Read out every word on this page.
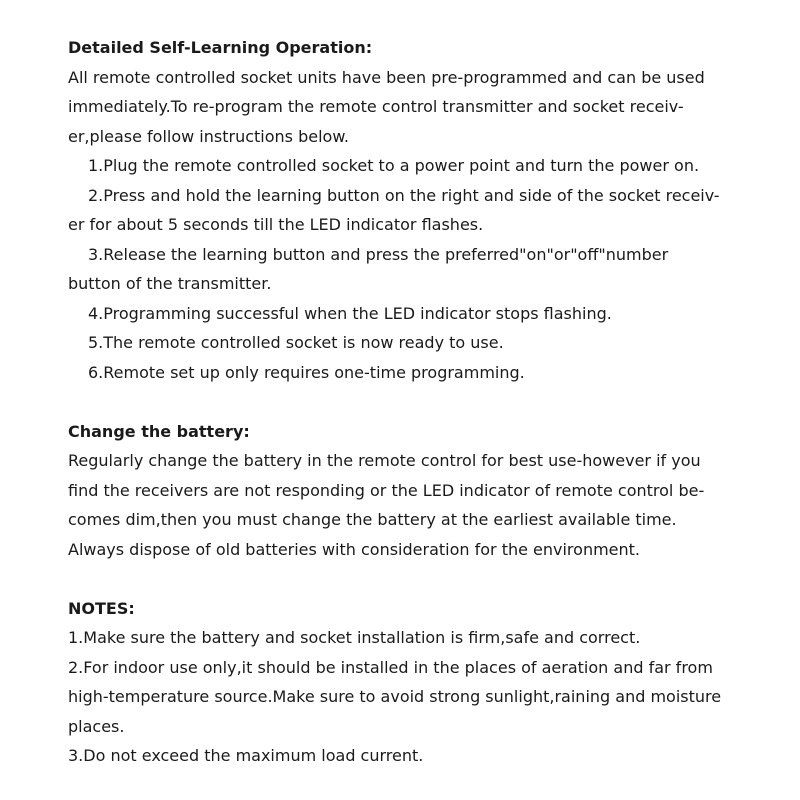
Detailed Self-Learning Operation:
All remote controlled socket units have been pre-programmed and can be used
immediately.To re-program the remote control transmitter and socket receiv-
er,please follow instructions below.
1.Plug the remote controlled socket to a power point and turn the power on.
2.Press and hold the learning button on the right and side of the socket receiv-
er for about 5 seconds till the LED indicator flashes.
3.Release the learning button and press the preferred"on"or"off"number
button of the transmitter.
4.Programming successful when the LED indicator stops flashing.
5.The remote controlled socket is now ready to use.
6.Remote set up only requires one-time programming.
Change the battery:
Regularly change the battery in the remote control for best use-however if you
find the receivers are not responding or the LED indicator of remote control be-
comes dim,then you must change the battery at the earliest available time.
Always dispose of old batteries with consideration for the environment.
NOTES:
1.Make sure the battery and socket installation is firm,safe and correct.
2.For indoor use only,it should be installed in the places of aeration and far from
high-temperature source.Make sure to avoid strong sunlight,raining and moisture
places.
3.Do not exceed the maximum load current.
